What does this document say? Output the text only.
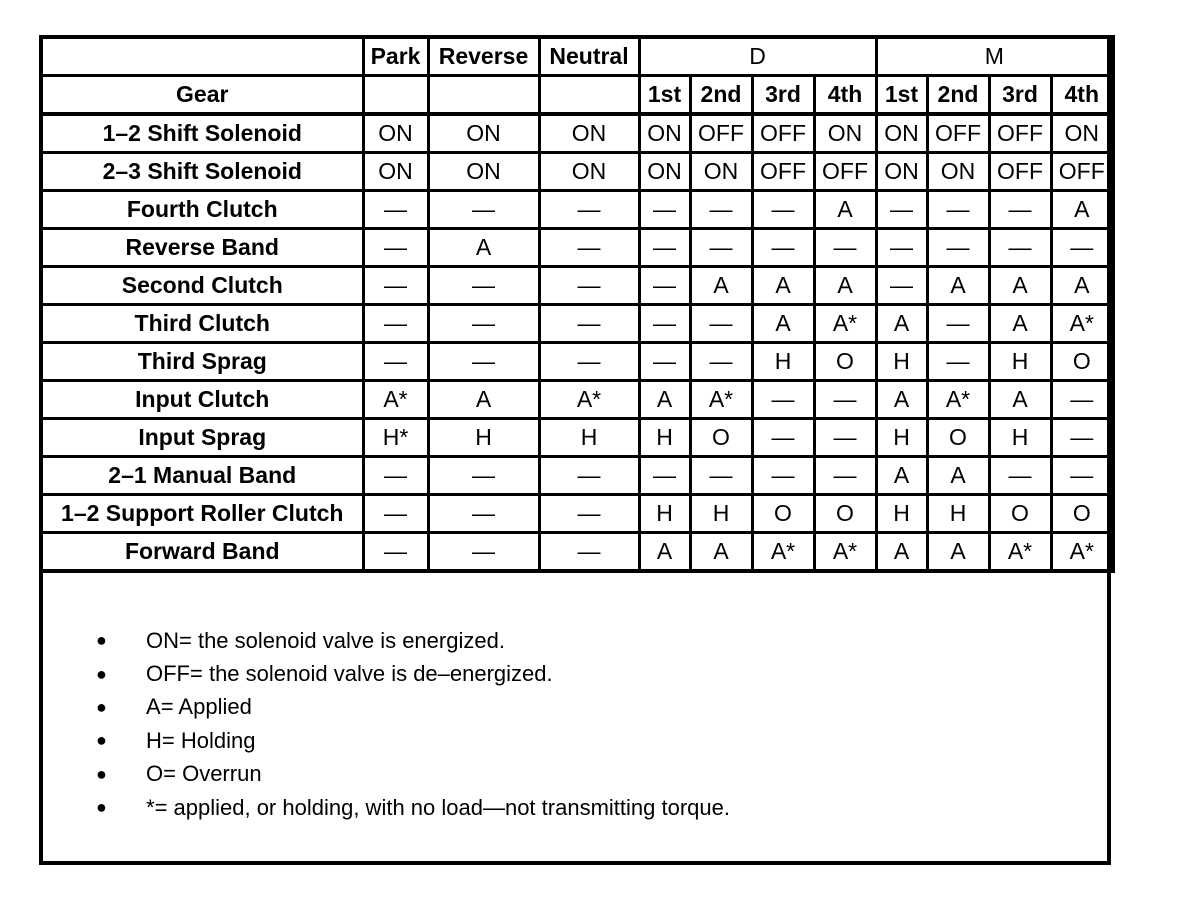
	Park	Reverse	Neutral	D				M			
Gear				1st	2nd	3rd	4th	1st	2nd	3rd	4th
1–2 Shift Solenoid	ON	ON	ON	ON	OFF	OFF	ON	ON	OFF	OFF	ON
2–3 Shift Solenoid	ON	ON	ON	ON	ON	OFF	OFF	ON	ON	OFF	OFF
Fourth Clutch	—	—	—	—	—	—	A	—	—	—	A
Reverse Band	—	A	—	—	—	—	—	—	—	—	—
Second Clutch	—	—	—	—	A	A	A	—	A	A	A
Third Clutch	—	—	—	—	—	A	A*	A	—	A	A*
Third Sprag	—	—	—	—	—	H	O	H	—	H	O
Input Clutch	A*	A	A*	A	A*	—	—	A	A*	A	—
Input Sprag	H*	H	H	H	O	—	—	H	O	H	—
2–1 Manual Band	—	—	—	—	—	—	—	A	A	—	—
1–2 Support Roller Clutch	—	—	—	H	H	O	O	H	H	O	O
Forward Band	—	—	—	A	A	A*	A*	A	A	A*	A*
●	ON = the solenoid valve is energized.
●	OFF = the solenoid valve is de–energized.
●	A = Applied
●	H = Holding
●	O = Overrun
●	* = applied, or holding, with no load—not transmitting torque.
